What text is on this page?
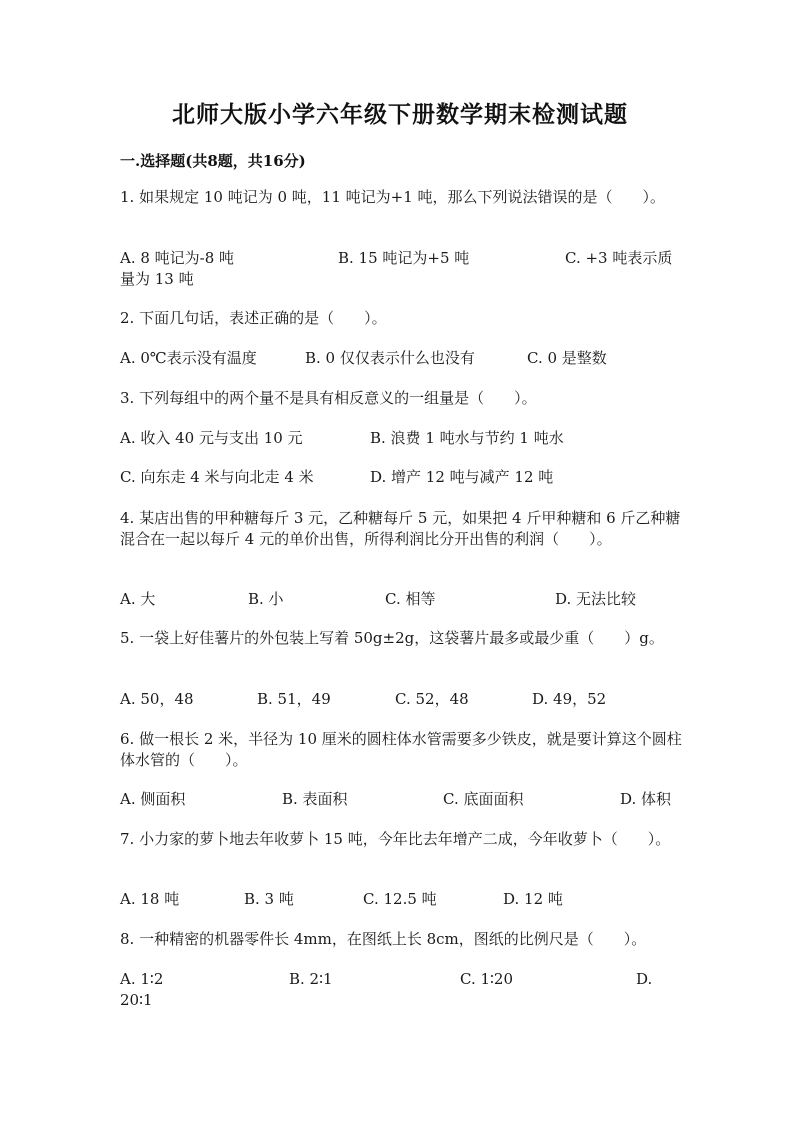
北师大版小学六年级下册数学期末检测试题
一.选择题(共8题，共16分)
1. 如果规定 10 吨记为 0 吨，11 吨记为+1 吨，那么下列说法错误的是（　　）。
A. 8 吨记为-8 吨	B. 15 吨记为+5 吨	C. +3 吨表示质量为 13 吨
2. 下面几句话，表述正确的是（　　）。
A. 0℃表示没有温度	B. 0 仅仅表示什么也没有	C. 0 是整数
3. 下列每组中的两个量不是具有相反意义的一组量是（　　）。
A. 收入 40 元与支出 10 元	B. 浪费 1 吨水与节约 1 吨水
C. 向东走 4 米与向北走 4 米	D. 增产 12 吨与减产 12 吨
4. 某店出售的甲种糖每斤 3 元，乙种糖每斤 5 元，如果把 4 斤甲种糖和 6 斤乙种糖混合在一起以每斤 4 元的单价出售，所得利润比分开出售的利润（　　）。
A. 大	B. 小	C. 相等	D. 无法比较
5. 一袋上好佳薯片的外包装上写着 50g±2g，这袋薯片最多或最少重（　　）g。
A. 50，48	B. 51，49	C. 52，48	D. 49，52
6. 做一根长 2 米，半径为 10 厘米的圆柱体水管需要多少铁皮，就是要计算这个圆柱体水管的（　　）。
A. 侧面积	B. 表面积	C. 底面面积	D. 体积
7. 小力家的萝卜地去年收萝卜 15 吨，今年比去年增产二成，今年收萝卜（　　）。
A. 18 吨	B. 3 吨	C. 12.5 吨	D. 12 吨
8. 一种精密的机器零件长 4mm，在图纸上长 8cm，图纸的比例尺是（　　）。
A. 1∶2	B. 2∶1	C. 1∶20	D. 20∶1
